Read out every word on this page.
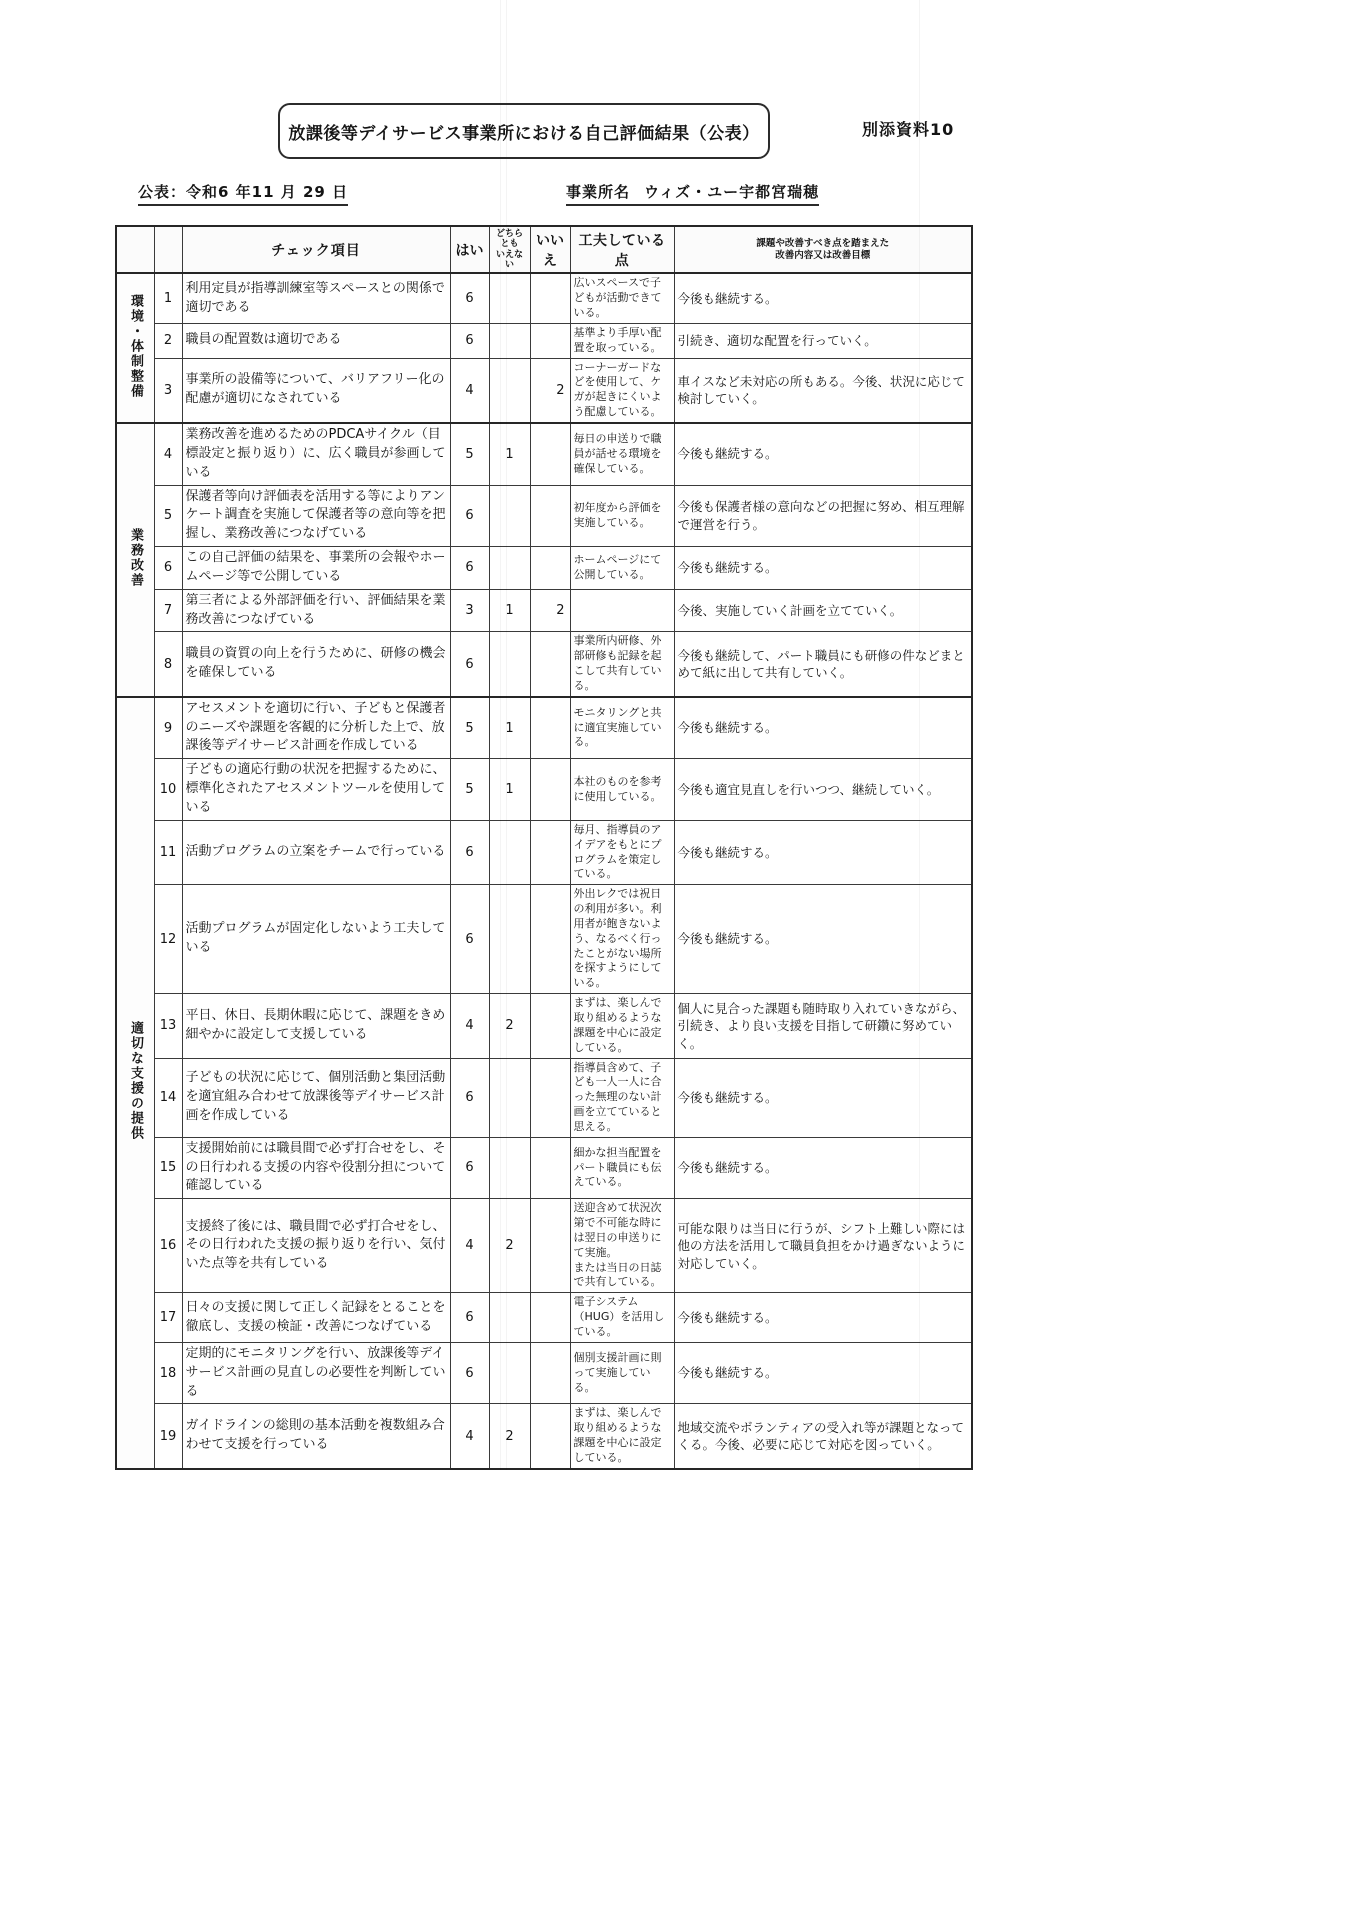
放課後等デイサービス事業所における自己評価結果（公表）	別添資料10
公表：令和6 年11 月 29 日	事業所名 ウィズ・ユー宇都宮瑞穂
		チェック項目	はい	どちらとも
いえない	いいえ	工夫している点	課題や改善すべき点を踏まえた
改善内容又は改善目標
環境・体制整備	1	利用定員が指導訓練室等スペースとの関係で適切である	6			広いスペースで子どもが活動できている。	今後も継続する。
	2	職員の配置数は適切である	6			基準より手厚い配置を取っている。	引続き、適切な配置を行っていく。
	3	事業所の設備等について、バリアフリー化の配慮が適切になされている	4		2	コーナーガードなどを使用して、ケガが起きにくいよう配慮している。	車イスなど未対応の所もある。今後、状況に応じて検討していく。
業務改善	4	業務改善を進めるためのPDCAサイクル（目標設定と振り返り）に、広く職員が参画している	5	1		毎日の申送りで職員が話せる環境を確保している。	今後も継続する。
	5	保護者等向け評価表を活用する等によりアンケート調査を実施して保護者等の意向等を把握し、業務改善につなげている	6			初年度から評価を実施している。	今後も保護者様の意向などの把握に努め、相互理解で運営を行う。
	6	この自己評価の結果を、事業所の会報やホームページ等で公開している	6			ホームページにて公開している。	今後も継続する。
	7	第三者による外部評価を行い、評価結果を業務改善につなげている	3	1	2		今後、実施していく計画を立てていく。
	8	職員の資質の向上を行うために、研修の機会を確保している	6			事業所内研修、外部研修も記録を起こして共有している。	今後も継続して、パート職員にも研修の件などまとめて紙に出して共有していく。
適切な支援の提供	9	アセスメントを適切に行い、子どもと保護者のニーズや課題を客観的に分析した上で、放課後等デイサービス計画を作成している	5	1		モニタリングと共に適宜実施している。	今後も継続する。
	10	子どもの適応行動の状況を把握するために、標準化されたアセスメントツールを使用している	5	1		本社のものを参考に使用している。	今後も適宜見直しを行いつつ、継続していく。
	11	活動プログラムの立案をチームで行っている	6			毎月、指導員のアイデアをもとにプログラムを策定している。	今後も継続する。
	12	活動プログラムが固定化しないよう工夫している	6			外出レクでは祝日の利用が多い。利用者が飽きないよう、なるべく行ったことがない場所を探すようにしている。	今後も継続する。
	13	平日、休日、長期休暇に応じて、課題をきめ細やかに設定して支援している	4	2		まずは、楽しんで取り組めるような課題を中心に設定している。	個人に見合った課題も随時取り入れていきながら、引続き、より良い支援を目指して研鑽に努めていく。
	14	子どもの状況に応じて、個別活動と集団活動を適宜組み合わせて放課後等デイサービス計画を作成している	6			指導員含めて、子ども一人一人に合った無理のない計画を立てていると思える。	今後も継続する。
	15	支援開始前には職員間で必ず打合せをし、その日行われる支援の内容や役割分担について確認している	6			細かな担当配置をパート職員にも伝えている。	今後も継続する。
	16	支援終了後には、職員間で必ず打合せをし、その日行われた支援の振り返りを行い、気付いた点等を共有している	4	2		送迎含めて状況次第で不可能な時には翌日の申送りにて実施。
または当日の日誌で共有している。	可能な限りは当日に行うが、シフト上難しい際には他の方法を活用して職員負担をかけ過ぎないように対応していく。
	17	日々の支援に関して正しく記録をとることを徹底し、支援の検証・改善につなげている	6			電子システム（HUG）を活用している。	今後も継続する。
	18	定期的にモニタリングを行い、放課後等デイサービス計画の見直しの必要性を判断している	6			個別支援計画に則って実施している。	今後も継続する。
	19	ガイドラインの総則の基本活動を複数組み合わせて支援を行っている	4	2		まずは、楽しんで取り組めるような課題を中心に設定している。	地域交流やボランティアの受入れ等が課題となってくる。今後、必要に応じて対応を図っていく。
